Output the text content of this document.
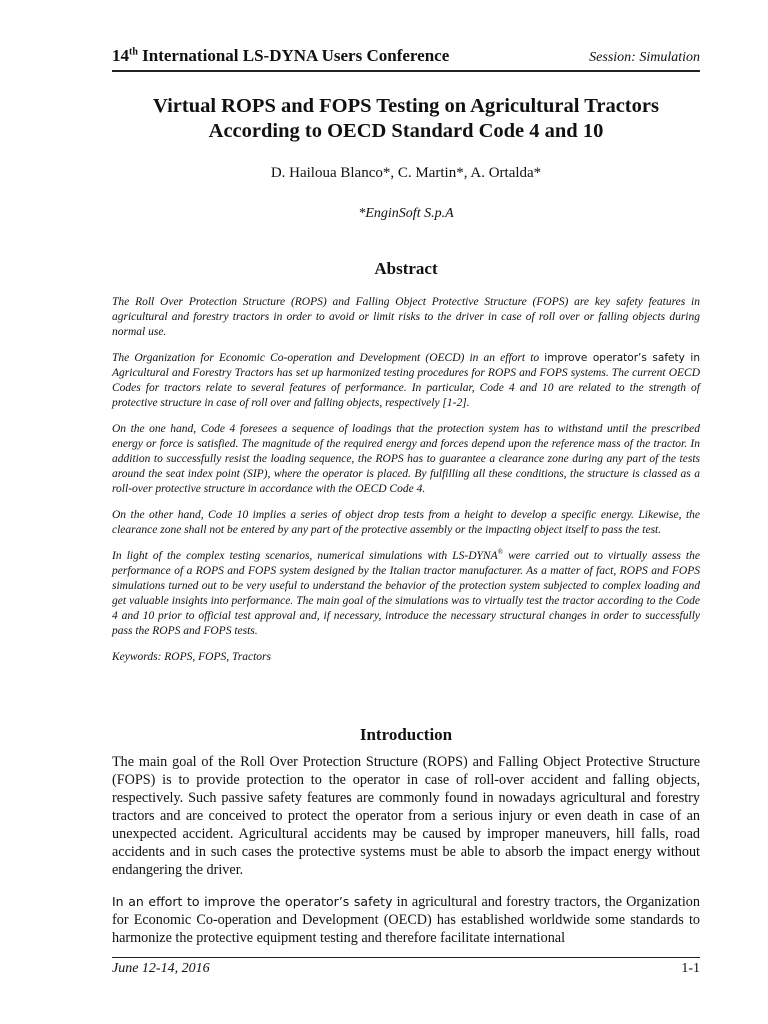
14th International LS-DYNA Users Conference	Session: Simulation
Virtual ROPS and FOPS Testing on Agricultural Tractors
According to OECD Standard Code 4 and 10
D. Hailoua Blanco*, C. Martin*, A. Ortalda*
*EnginSoft S.p.A
Abstract

The Roll Over Protection Structure (ROPS) and Falling Object Protective Structure (FOPS) are key safety features in agricultural and forestry tractors in order to avoid or limit risks to the driver in case of roll over or falling objects during normal use.

The Organization for Economic Co-operation and Development (OECD) in an effort to improve operator’s safety in Agricultural and Forestry Tractors has set up harmonized testing procedures for ROPS and FOPS systems. The current OECD Codes for tractors relate to several features of performance. In particular, Code 4 and 10 are related to the strength of protective structure in case of roll over and falling objects, respectively [1-2].

On the one hand, Code 4 foresees a sequence of loadings that the protection system has to withstand until the prescribed energy or force is satisfied. The magnitude of the required energy and forces depend upon the reference mass of the tractor. In addition to successfully resist the loading sequence, the ROPS has to guarantee a clearance zone during any part of the tests around the seat index point (SIP), where the operator is placed. By fulfilling all these conditions, the structure is classed as a roll-over protective structure in accordance with the OECD Code 4.

On the other hand, Code 10 implies a series of object drop tests from a height to develop a specific energy. Likewise, the clearance zone shall not be entered by any part of the protective assembly or the impacting object itself to pass the test.

In light of the complex testing scenarios, numerical simulations with LS-DYNA® were carried out to virtually assess the performance of a ROPS and FOPS system designed by the Italian tractor manufacturer. As a matter of fact, ROPS and FOPS simulations turned out to be very useful to understand the behavior of the protection system subjected to complex loading and get valuable insights into performance. The main goal of the simulations was to virtually test the tractor according to the Code 4 and 10 prior to official test approval and, if necessary, introduce the necessary structural changes in order to successfully pass the ROPS and FOPS tests.

Keywords: ROPS, FOPS, Tractors

Introduction

The main goal of the Roll Over Protection Structure (ROPS) and Falling Object Protective Structure (FOPS) is to provide protection to the operator in case of roll-over accident and falling objects, respectively. Such passive safety features are commonly found in nowadays agricultural and forestry tractors and are conceived to protect the operator from a serious injury or even death in case of an unexpected accident. Agricultural accidents may be caused by improper maneuvers, hill falls, road accidents and in such cases the protective systems must be able to absorb the impact energy without endangering the driver.

In an effort to improve the operator’s safety in agricultural and forestry tractors, the Organization for Economic Co-operation and Development (OECD) has established worldwide some standards to harmonize the protective equipment testing and therefore facilitate international

June 12-14, 2016	1-1
